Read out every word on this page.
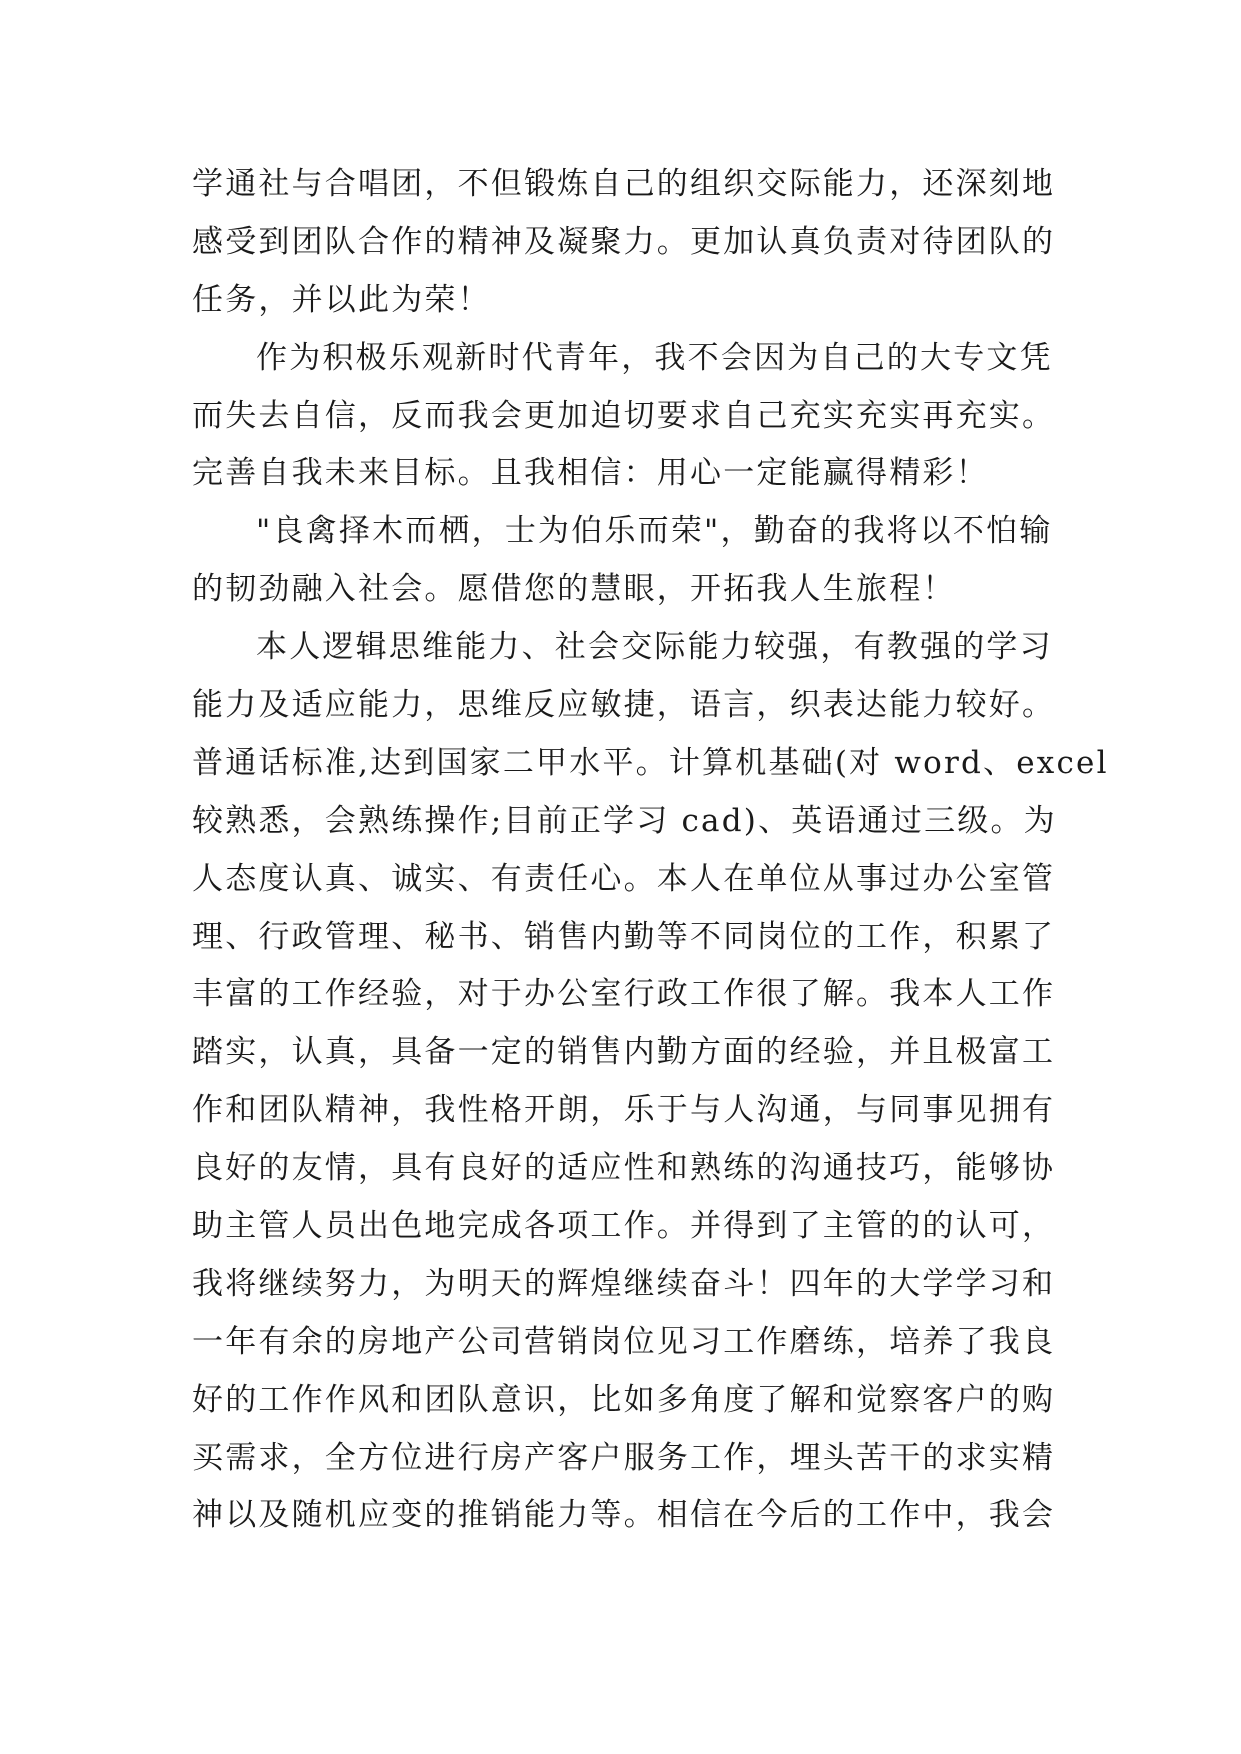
学通社与合唱团，不但锻炼自己的组织交际能力，还深刻地
感受到团队合作的精神及凝聚力。更加认真负责对待团队的
任务，并以此为荣！
作为积极乐观新时代青年，我不会因为自己的大专文凭
而失去自信，反而我会更加迫切要求自己充实充实再充实。
完善自我未来目标。且我相信：用心一定能赢得精彩！
"良禽择木而栖，士为伯乐而荣"，勤奋的我将以不怕输
的韧劲融入社会。愿借您的慧眼，开拓我人生旅程！
本人逻辑思维能力、社会交际能力较强，有教强的学习
能力及适应能力，思维反应敏捷，语言，织表达能力较好。
普通话标准,达到国家二甲水平。计算机基础(对 word、excel
较熟悉，会熟练操作;目前正学习 cad)、英语通过三级。为
人态度认真、诚实、有责任心。本人在单位从事过办公室管
理、行政管理、秘书、销售内勤等不同岗位的工作，积累了
丰富的工作经验，对于办公室行政工作很了解。我本人工作
踏实，认真，具备一定的销售内勤方面的经验，并且极富工
作和团队精神，我性格开朗，乐于与人沟通，与同事见拥有
良好的友情，具有良好的适应性和熟练的沟通技巧，能够协
助主管人员出色地完成各项工作。并得到了主管的的认可，
我将继续努力，为明天的辉煌继续奋斗！四年的大学学习和
一年有余的房地产公司营销岗位见习工作磨练，培养了我良
好的工作作风和团队意识，比如多角度了解和觉察客户的购
买需求，全方位进行房产客户服务工作，埋头苦干的求实精
神以及随机应变的推销能力等。相信在今后的工作中，我会
